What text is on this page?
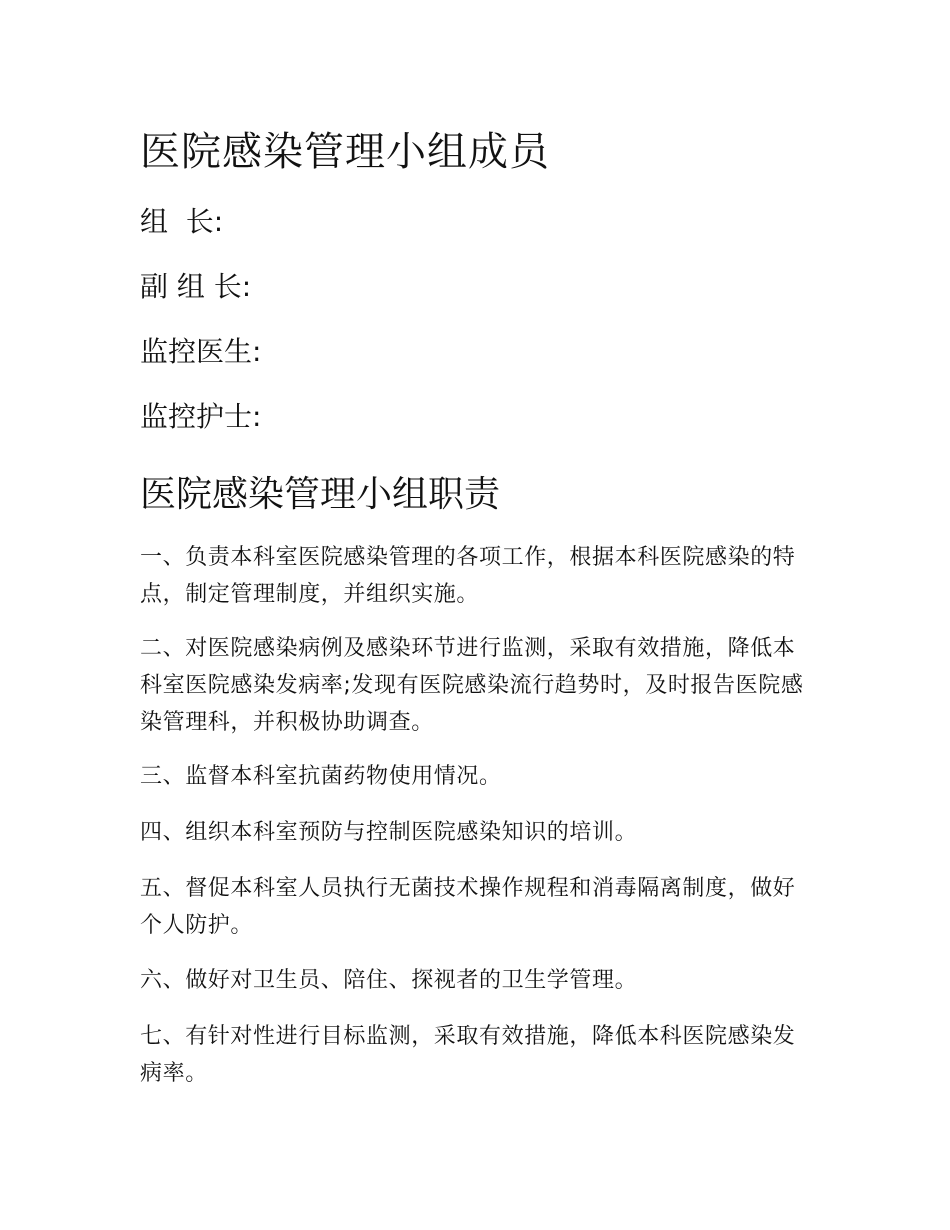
医院感染管理小组成员

组  长:

副 组 长:

监控医生:

监控护士:

医院感染管理小组职责

一、负责本科室医院感染管理的各项工作，根据本科医院感染的特点，制定管理制度，并组织实施。

二、对医院感染病例及感染环节进行监测，采取有效措施，降低本科室医院感染发病率;发现有医院感染流行趋势时，及时报告医院感染管理科，并积极协助调查。

三、监督本科室抗菌药物使用情况。

四、组织本科室预防与控制医院感染知识的培训。

五、督促本科室人员执行无菌技术操作规程和消毒隔离制度，做好个人防护。

六、做好对卫生员、陪住、探视者的卫生学管理。

七、有针对性进行目标监测，采取有效措施，降低本科医院感染发病率。
